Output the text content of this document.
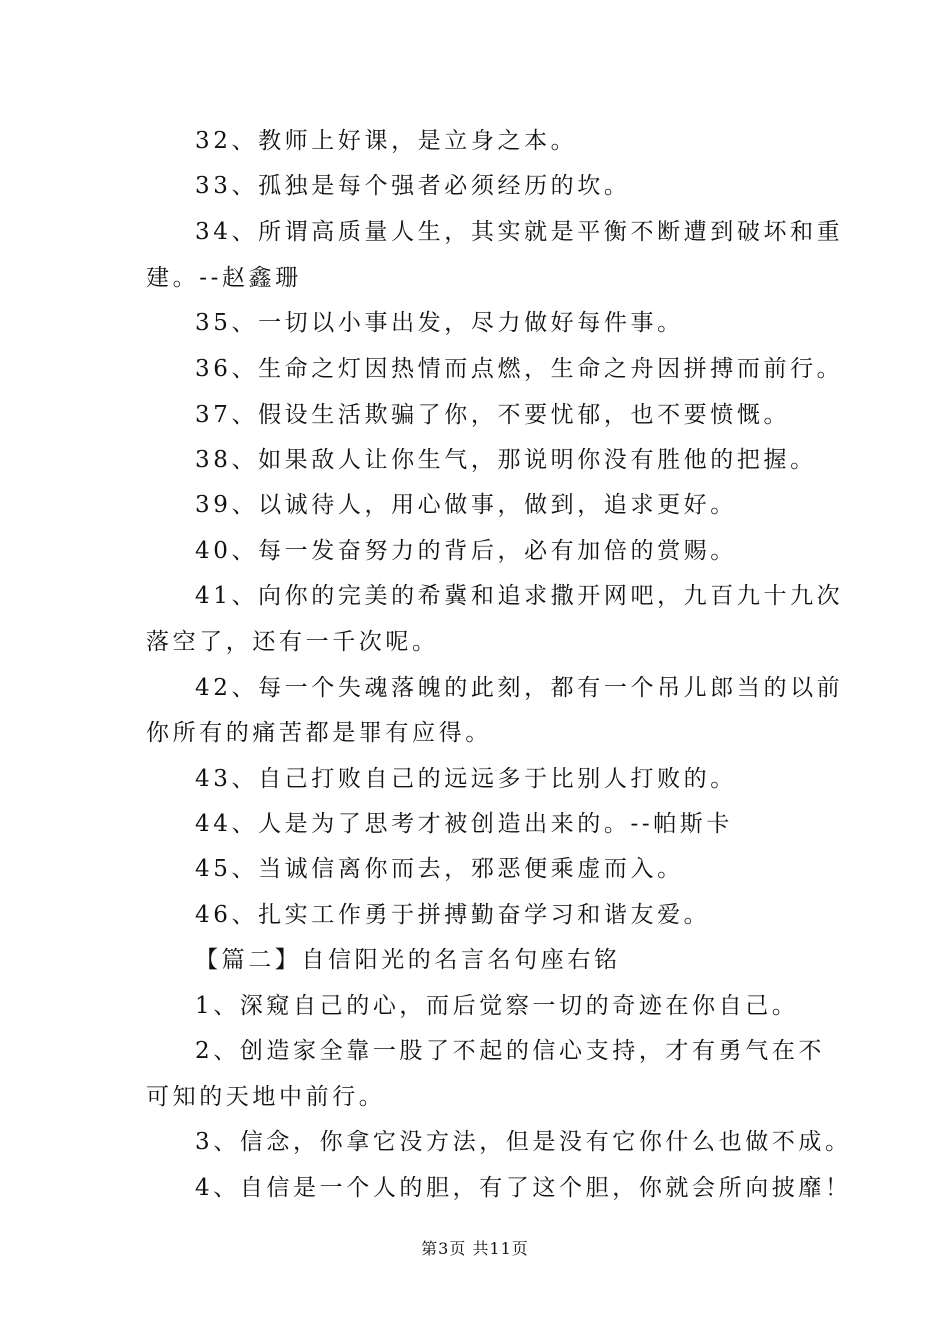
32、教师上好课，是立身之本。
33、孤独是每个强者必须经历的坎。
34、所谓高质量人生，其实就是平衡不断遭到破坏和重
建。--赵鑫珊
35、一切以小事出发，尽力做好每件事。
36、生命之灯因热情而点燃，生命之舟因拼搏而前行。
37、假设生活欺骗了你，不要忧郁，也不要愤慨。
38、如果敌人让你生气，那说明你没有胜他的把握。
39、以诚待人，用心做事，做到，追求更好。
40、每一发奋努力的背后，必有加倍的赏赐。
41、向你的完美的希冀和追求撒开网吧，九百九十九次
落空了，还有一千次呢。
42、每一个失魂落魄的此刻，都有一个吊儿郎当的以前
你所有的痛苦都是罪有应得。
43、自己打败自己的远远多于比别人打败的。
44、人是为了思考才被创造出来的。--帕斯卡
45、当诚信离你而去，邪恶便乘虚而入。
46、扎实工作勇于拼搏勤奋学习和谐友爱。
【篇二】自信阳光的名言名句座右铭
1、深窥自己的心，而后觉察一切的奇迹在你自己。
2、创造家全靠一股了不起的信心支持，才有勇气在不
可知的天地中前行。
3、信念，你拿它没方法，但是没有它你什么也做不成。
4、自信是一个人的胆，有了这个胆，你就会所向披靡！
第3页 共11页
